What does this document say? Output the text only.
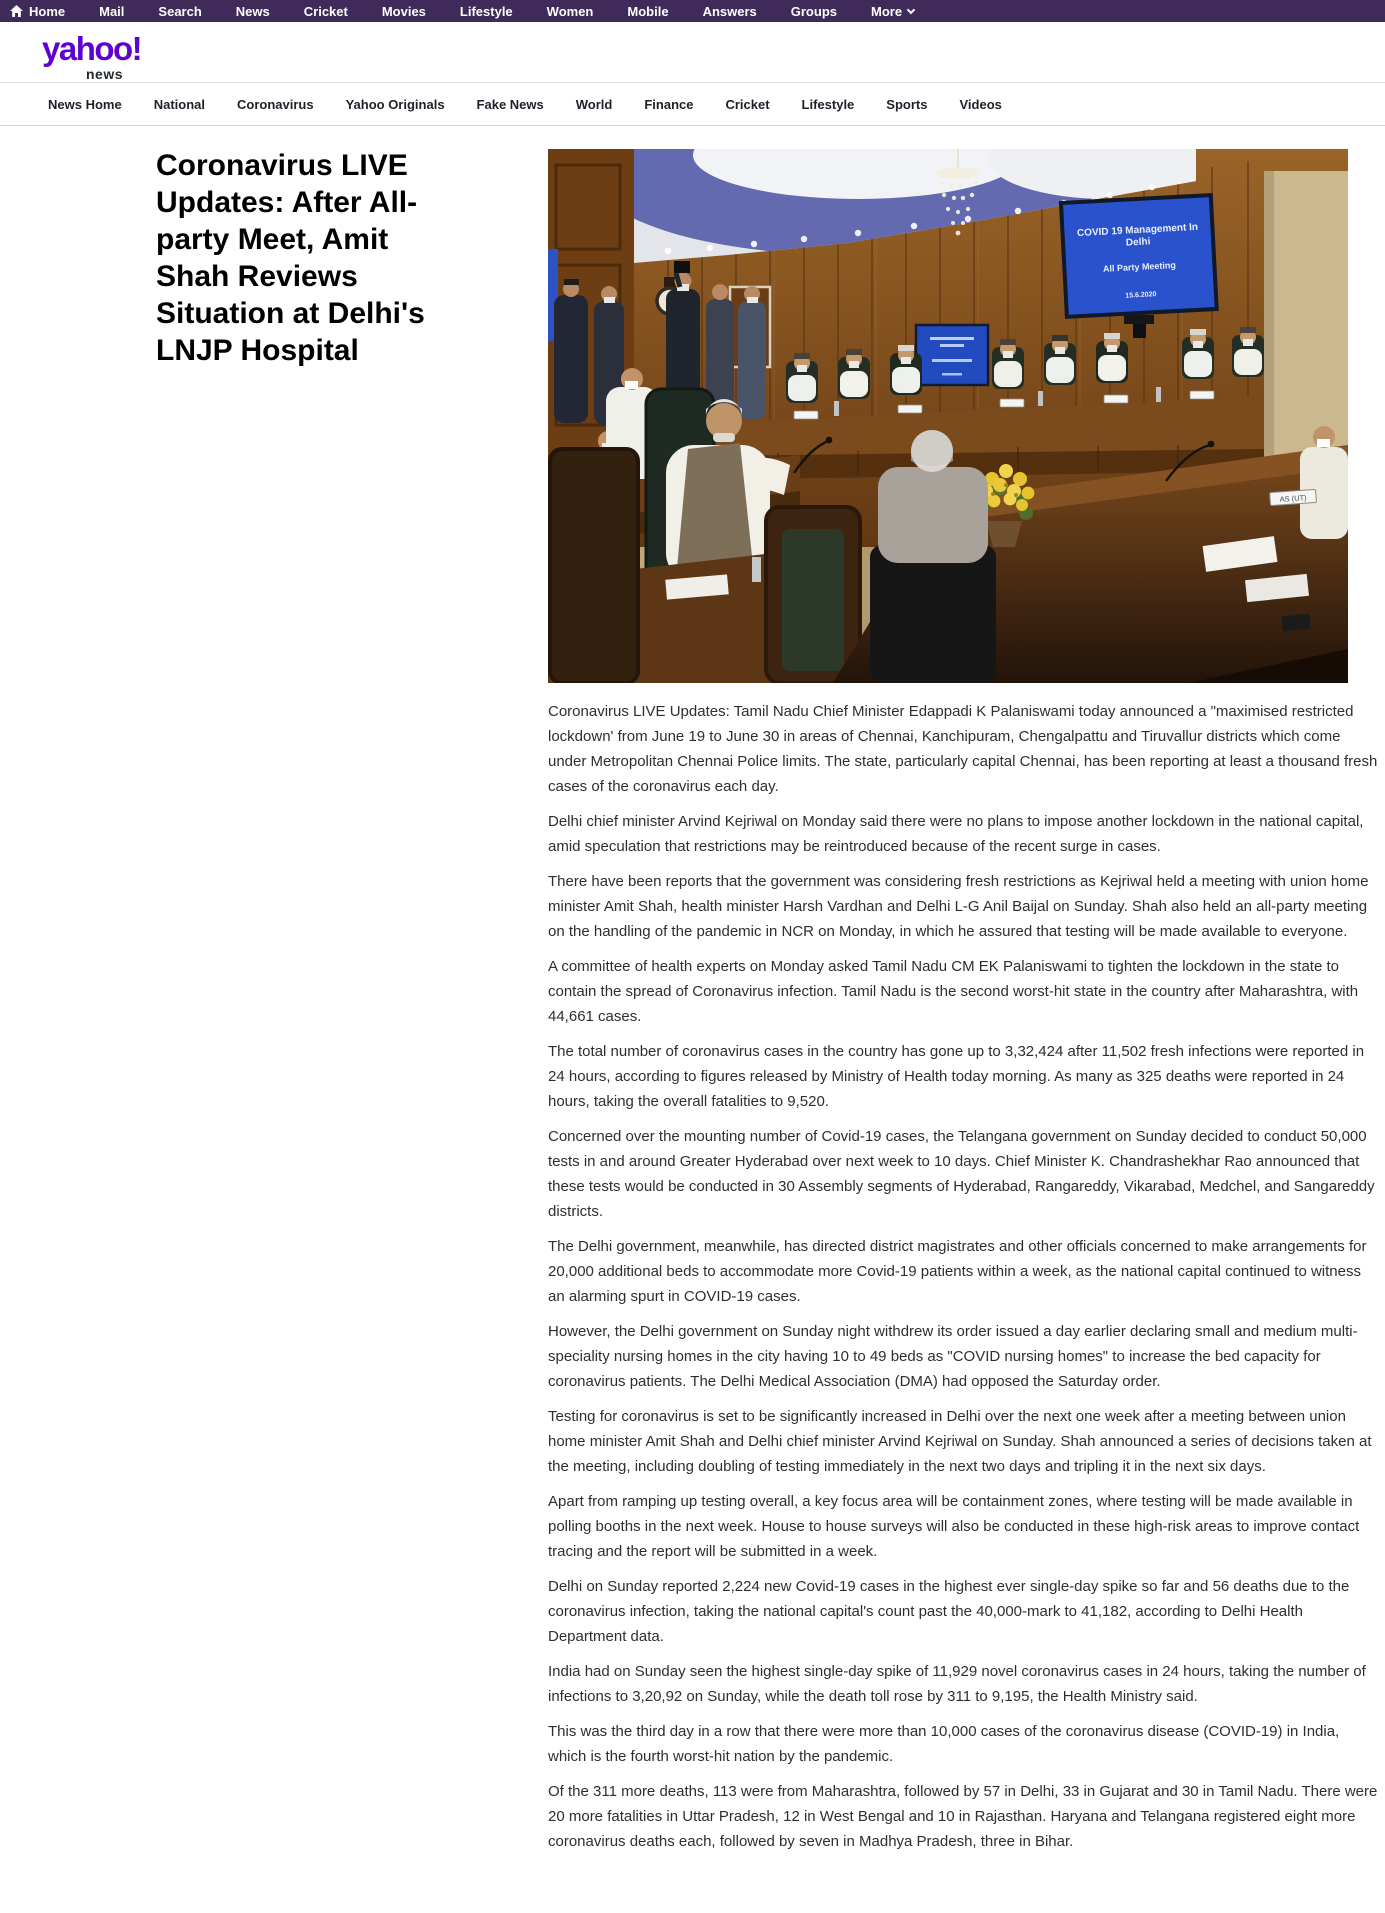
Home	Mail	Search	News	Cricket	Movies	Lifestyle	Women	Mobile	Answers	Groups	More
yahoo!
news
News Home National Coronavirus Yahoo Originals Fake News World Finance Cricket Lifestyle Sports Videos
Coronavirus LIVE Updates: After All-party Meet, Amit Shah Reviews Situation at Delhi's LNJP Hospital
COVID 19 Management In
Delhi
All Party Meeting
15.6.2020
AS (UT)

Coronavirus LIVE Updates: Tamil Nadu Chief Minister Edappadi K Palaniswami today announced a "maximised restricted lockdown' from June 19 to June 30 in areas of Chennai, Kanchipuram, Chengalpattu and Tiruvallur districts which come under Metropolitan Chennai Police limits. The state, particularly capital Chennai, has been reporting at least a thousand fresh cases of the coronavirus each day.

Delhi chief minister Arvind Kejriwal on Monday said there were no plans to impose another lockdown in the national capital, amid speculation that restrictions may be reintroduced because of the recent surge in cases.

There have been reports that the government was considering fresh restrictions as Kejriwal held a meeting with union home minister Amit Shah, health minister Harsh Vardhan and Delhi L-G Anil Baijal on Sunday. Shah also held an all-party meeting on the handling of the pandemic in NCR on Monday, in which he assured that testing will be made available to everyone.

A committee of health experts on Monday asked Tamil Nadu CM EK Palaniswami to tighten the lockdown in the state to contain the spread of Coronavirus infection. Tamil Nadu is the second worst-hit state in the country after Maharashtra, with 44,661 cases.

The total number of coronavirus cases in the country has gone up to 3,32,424 after 11,502 fresh infections were reported in 24 hours, according to figures released by Ministry of Health today morning. As many as 325 deaths were reported in 24 hours, taking the overall fatalities to 9,520.

Concerned over the mounting number of Covid-19 cases, the Telangana government on Sunday decided to conduct 50,000 tests in and around Greater Hyderabad over next week to 10 days. Chief Minister K. Chandrashekhar Rao announced that these tests would be conducted in 30 Assembly segments of Hyderabad, Rangareddy, Vikarabad, Medchel, and Sangareddy districts.

The Delhi government, meanwhile, has directed district magistrates and other officials concerned to make arrangements for 20,000 additional beds to accommodate more Covid-19 patients within a week, as the national capital continued to witness an alarming spurt in COVID-19 cases.

However, the Delhi government on Sunday night withdrew its order issued a day earlier declaring small and medium multi-speciality nursing homes in the city having 10 to 49 beds as "COVID nursing homes" to increase the bed capacity for coronavirus patients. The Delhi Medical Association (DMA) had opposed the Saturday order.

Testing for coronavirus is set to be significantly increased in Delhi over the next one week after a meeting between union home minister Amit Shah and Delhi chief minister Arvind Kejriwal on Sunday. Shah announced a series of decisions taken at the meeting, including doubling of testing immediately in the next two days and tripling it in the next six days.

Apart from ramping up testing overall, a key focus area will be containment zones, where testing will be made available in polling booths in the next week. House to house surveys will also be conducted in these high-risk areas to improve contact tracing and the report will be submitted in a week.

Delhi on Sunday reported 2,224 new Covid-19 cases in the highest ever single-day spike so far and 56 deaths due to the coronavirus infection, taking the national capital's count past the 40,000-mark to 41,182, according to Delhi Health Department data.

India had on Sunday seen the highest single-day spike of 11,929 novel coronavirus cases in 24 hours, taking the number of infections to 3,20,92 on Sunday, while the death toll rose by 311 to 9,195, the Health Ministry said.

This was the third day in a row that there were more than 10,000 cases of the coronavirus disease (COVID-19) in India, which is the fourth worst-hit nation by the pandemic.

Of the 311 more deaths, 113 were from Maharashtra, followed by 57 in Delhi, 33 in Gujarat and 30 in Tamil Nadu. There were 20 more fatalities in Uttar Pradesh, 12 in West Bengal and 10 in Rajasthan. Haryana and Telangana registered eight more coronavirus deaths each, followed by seven in Madhya Pradesh, three in Bihar.
